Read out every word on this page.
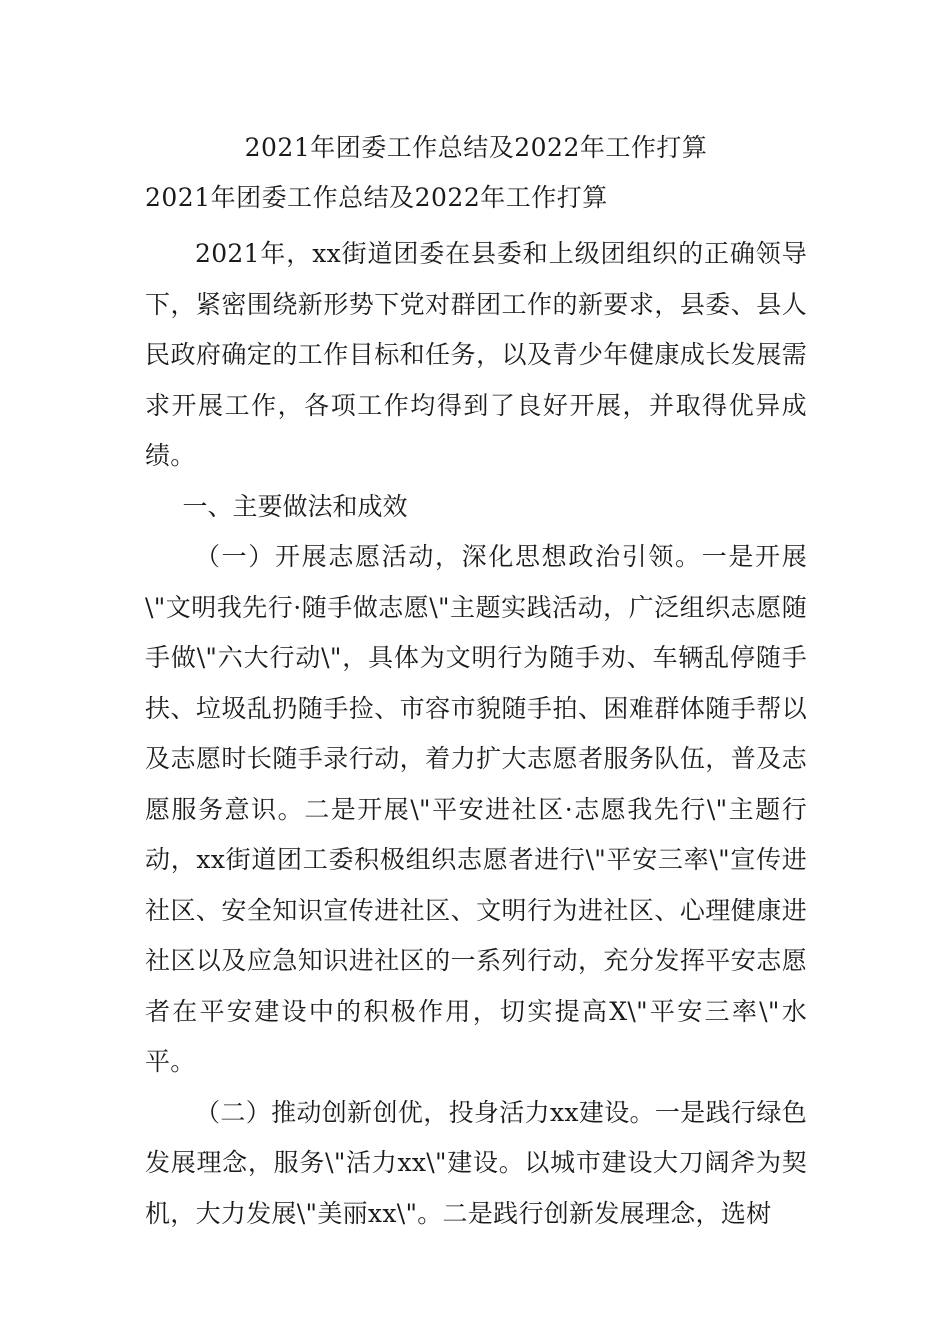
2021年团委工作总结及2022年工作打算
2021年团委工作总结及2022年工作打算

2021年，xx街道团委在县委和上级团组织的正确领导下，紧密围绕新形势下党对群团工作的新要求，县委、县人民政府确定的工作目标和任务，以及青少年健康成长发展需求开展工作，各项工作均得到了良好开展，并取得优异成绩。

一、主要做法和成效

（一）开展志愿活动，深化思想政治引领。一是开展\"文明我先行·随手做志愿\"主题实践活动，广泛组织志愿随手做\"六大行动\"，具体为文明行为随手劝、车辆乱停随手扶、垃圾乱扔随手捡、市容市貌随手拍、困难群体随手帮以及志愿时长随手录行动，着力扩大志愿者服务队伍，普及志愿服务意识。二是开展\"平安进社区·志愿我先行\"主题行动，xx街道团工委积极组织志愿者进行\"平安三率\"宣传进社区、安全知识宣传进社区、文明行为进社区、心理健康进社区以及应急知识进社区的一系列行动，充分发挥平安志愿者在平安建设中的积极作用，切实提高X\"平安三率\"水平。

（二）推动创新创优，投身活力xx建设。一是践行绿色发展理念，服务\"活力xx\"建设。以城市建设大刀阔斧为契机，大力发展\"美丽xx\"。二是践行创新发展理念，选树
